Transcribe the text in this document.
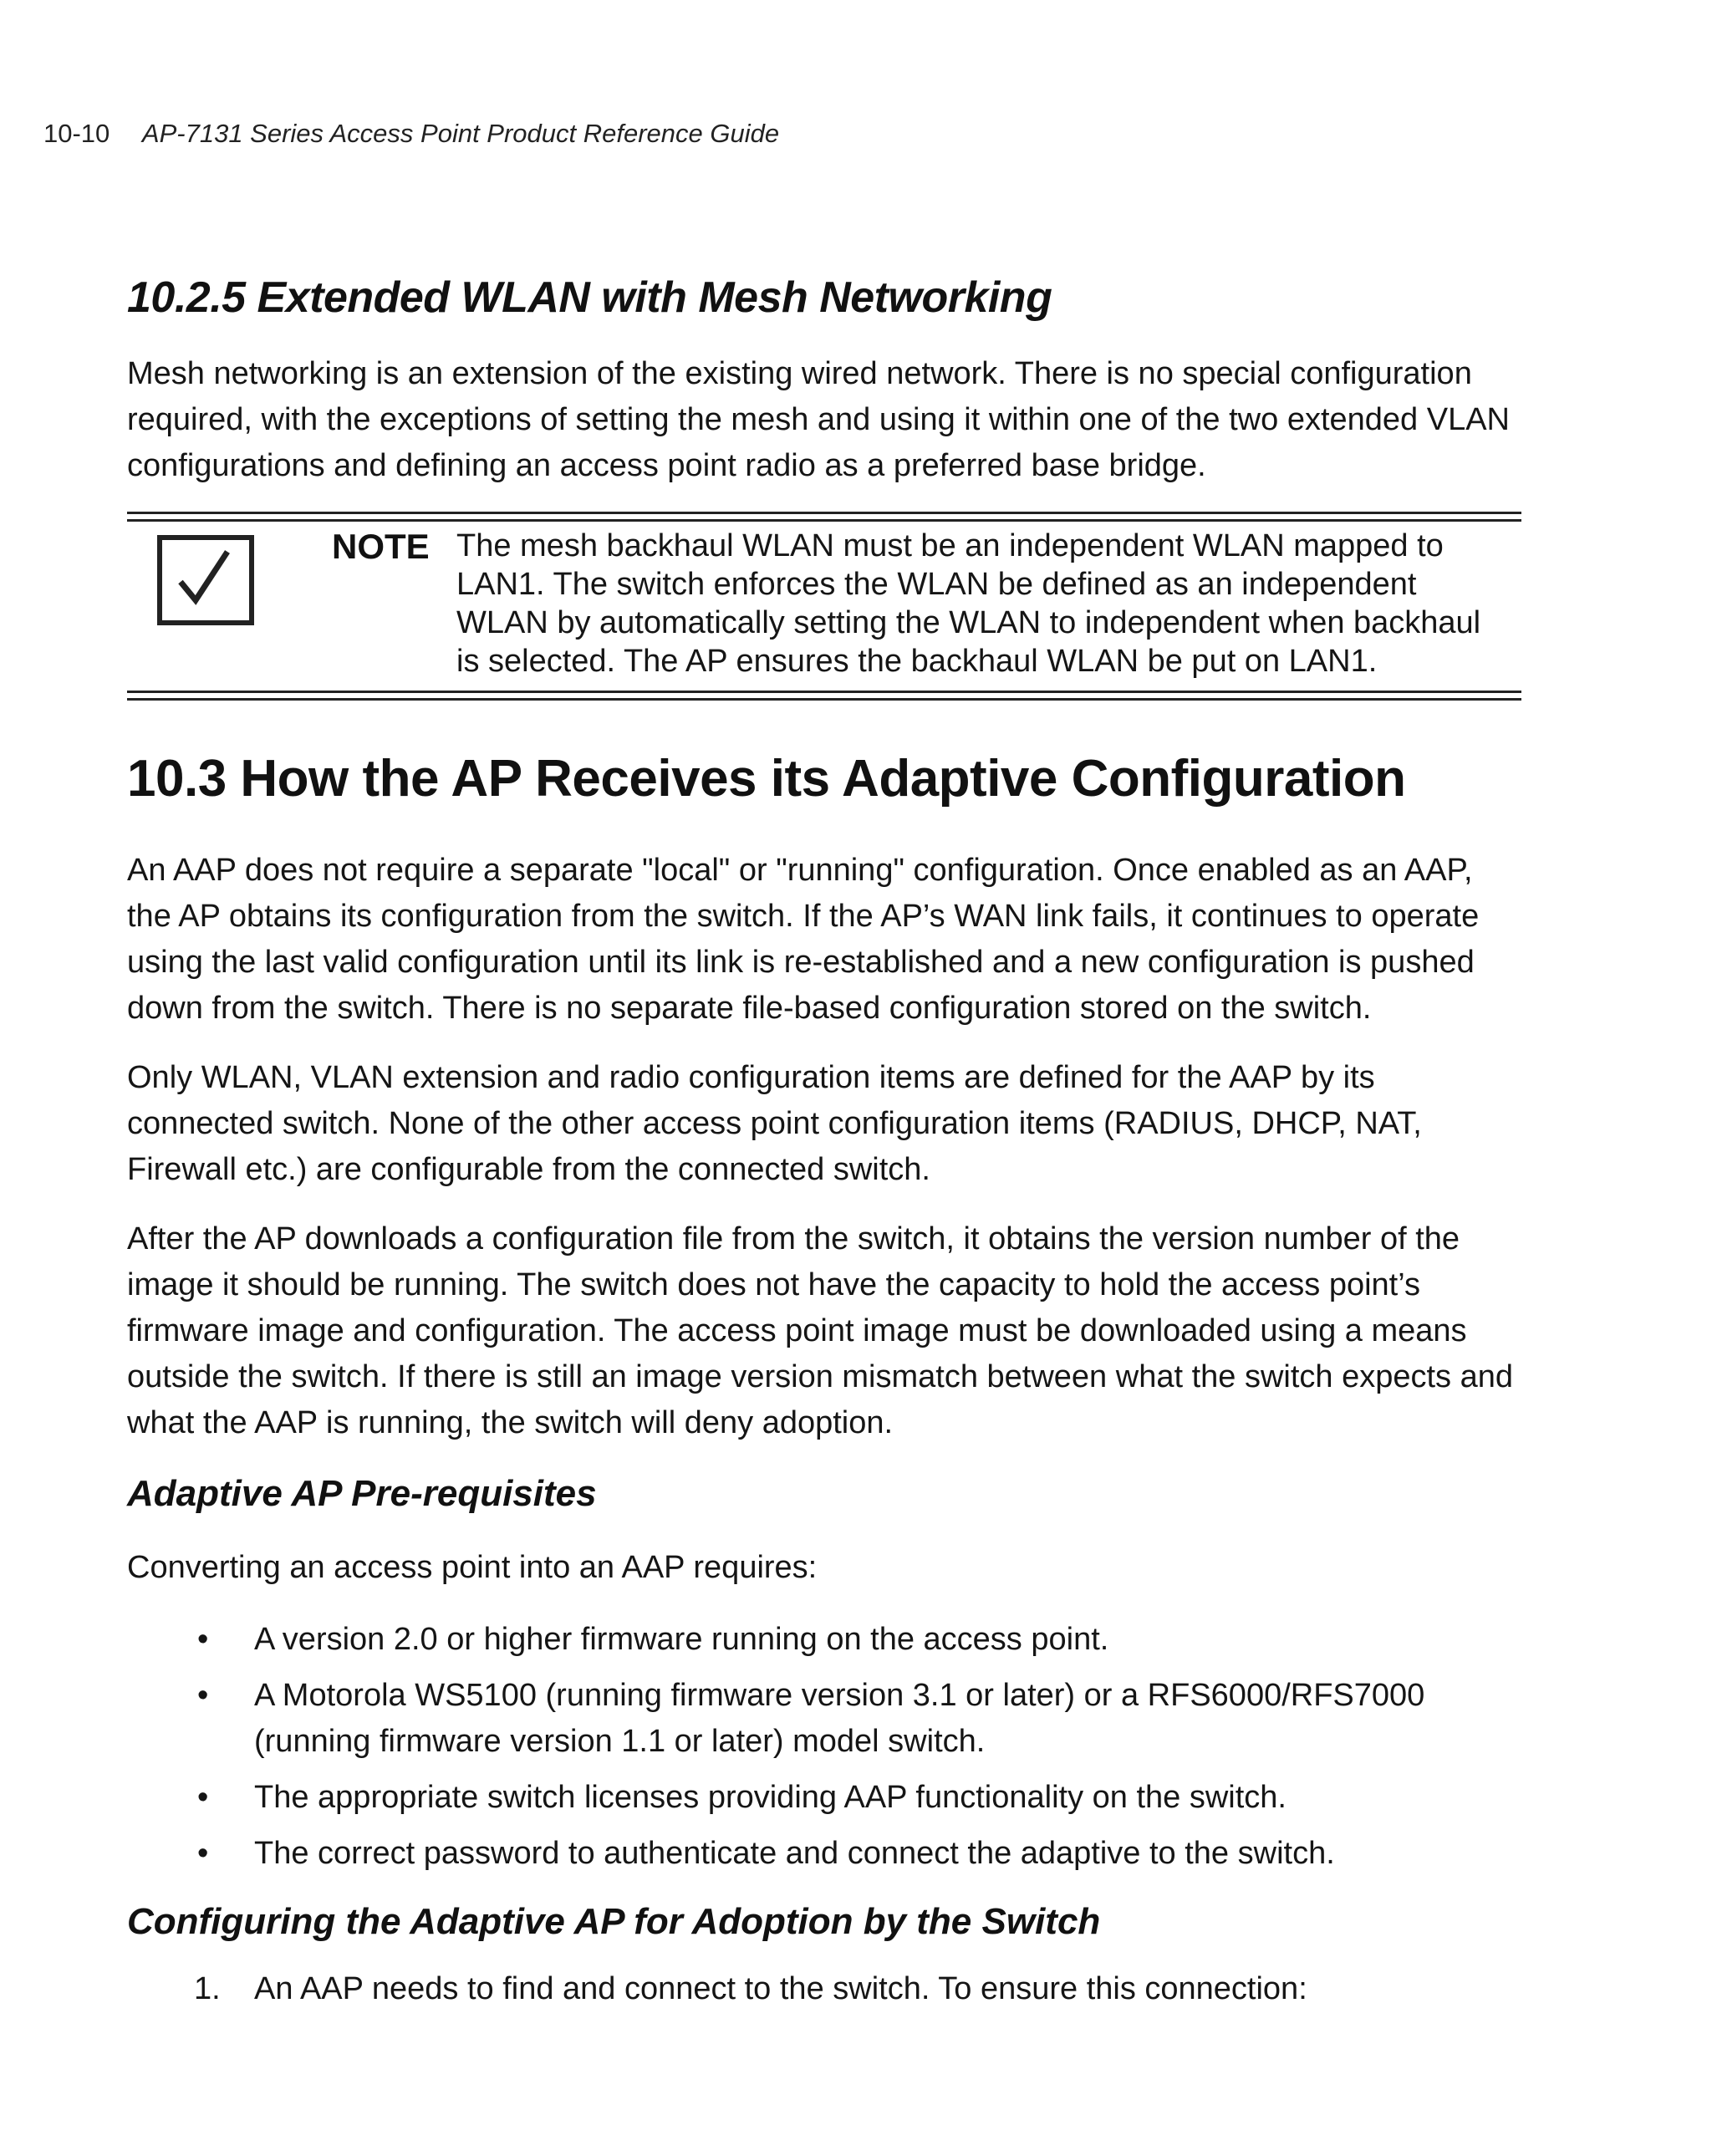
10-10 AP-7131 Series Access Point Product Reference Guide
10.2.5 Extended WLAN with Mesh Networking

Mesh networking is an extension of the existing wired network. There is no special configuration required, with the exceptions of setting the mesh and using it within one of the two extended VLAN configurations and defining an access point radio as a preferred base bridge.

NOTE The mesh backhaul WLAN must be an independent WLAN mapped to LAN1. The switch enforces the WLAN be defined as an independent WLAN by automatically setting the WLAN to independent when backhaul is selected. The AP ensures the backhaul WLAN be put on LAN1.
10.3 How the AP Receives its Adaptive Configuration

An AAP does not require a separate "local" or "running" configuration. Once enabled as an AAP, the AP obtains its configuration from the switch. If the AP’s WAN link fails, it continues to operate using the last valid configuration until its link is re-established and a new configuration is pushed down from the switch. There is no separate file-based configuration stored on the switch.

Only WLAN, VLAN extension and radio configuration items are defined for the AAP by its connected switch. None of the other access point configuration items (RADIUS, DHCP, NAT, Firewall etc.) are configurable from the connected switch.

After the AP downloads a configuration file from the switch, it obtains the version number of the image it should be running. The switch does not have the capacity to hold the access point’s firmware image and configuration. The access point image must be downloaded using a means outside the switch. If there is still an image version mismatch between what the switch expects and what the AAP is running, the switch will deny adoption.

Adaptive AP Pre-requisites

Converting an access point into an AAP requires:

• A version 2.0 or higher firmware running on the access point.
• A Motorola WS5100 (running firmware version 3.1 or later) or a RFS6000/RFS7000 (running firmware version 1.1 or later) model switch.
• The appropriate switch licenses providing AAP functionality on the switch.
• The correct password to authenticate and connect the adaptive to the switch.
Configuring the Adaptive AP for Adoption by the Switch
1. An AAP needs to find and connect to the switch. To ensure this connection:
